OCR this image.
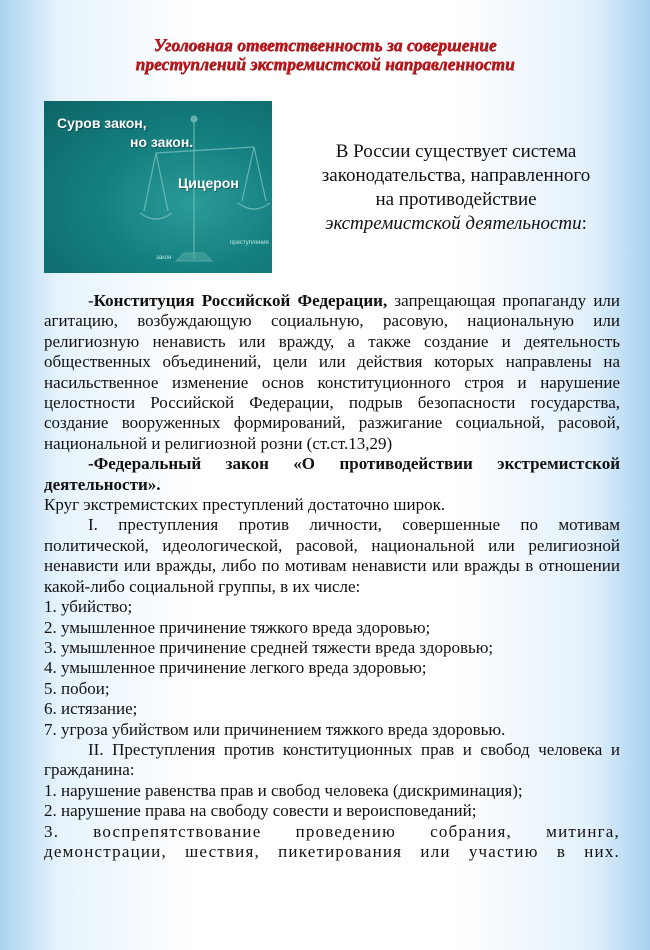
Уголовная ответственность за совершение
преступлений экстремистской направленности
Суров закон,
но закон.
Цицерон
преступления
закон
В России существует система
законодательства, направленного
на противодействие
экстремистской деятельности:

-Конституция Российской Федерации, запрещающая пропаганду или агитацию, возбуждающую социальную, расовую, национальную или религиозную ненависть или вражду, а также создание и деятельность общественных объединений, цели или действия которых направлены на насильственное изменение основ конституционного строя и нарушение целостности Российской Федерации, подрыв безопасности государства, создание вооруженных формирований, разжигание социальной, расовой, национальной и религиозной розни (ст.ст.13,29)

-Федеральный закон «О противодействии экстремистской деятельности».

Круг экстремистских преступлений достаточно широк.

I. преступления против личности, совершенные по мотивам политической, идеологической, расовой, национальной или религиозной ненависти или вражды, либо по мотивам ненависти или вражды в отношении какой-либо социальной группы, в их числе:

1. убийство;

2. умышленное причинение тяжкого вреда здоровью;

3. умышленное причинение средней тяжести вреда здоровью;

4. умышленное причинение легкого вреда здоровью;

5. побои;

6. истязание;

7. угроза убийством или причинением тяжкого вреда здоровью.

II. Преступления против конституционных прав и свобод человека и гражданина:

1. нарушение равенства прав и свобод человека (дискриминация);

2. нарушение права на свободу совести и вероисповеданий;

3. воспрепятствование проведению собрания, митинга, демонстрации, шествия, пикетирования или участию в них.
